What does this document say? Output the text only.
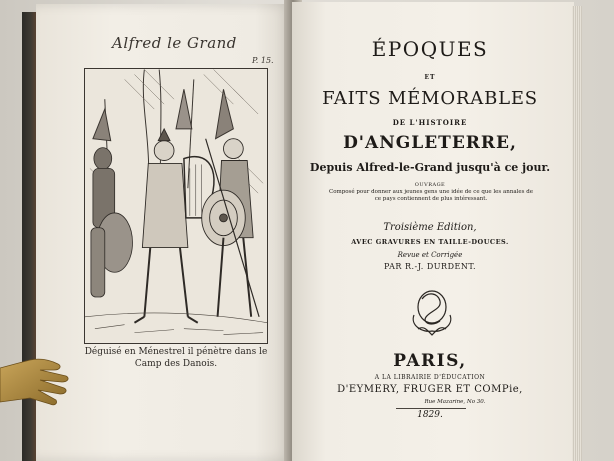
Alfred le Grand
P. 15.
Déguisé en Ménestrel il pénètre dans le Camp des Danois.
ÉPOQUES
ET
FAITS MÉMORABLES
DE L'HISTOIRE
D'ANGLETERRE,
Depuis Alfred-le-Grand jusqu'à ce jour.
OUVRAGE
Composé pour donner aux jeunes gens une idée de ce que les annales de ce pays contiennent de plus intéressant.
Troisième Edition,
AVEC GRAVURES EN TAILLE-DOUCES.
Revue et Corrigée
PAR R.-J. DURDENT.
PARIS,
A LA LIBRAIRIE D'ÉDUCATION
D'EYMERY, FRUGER ET COMPie,
Rue Mazarine, No 30.
1829.
